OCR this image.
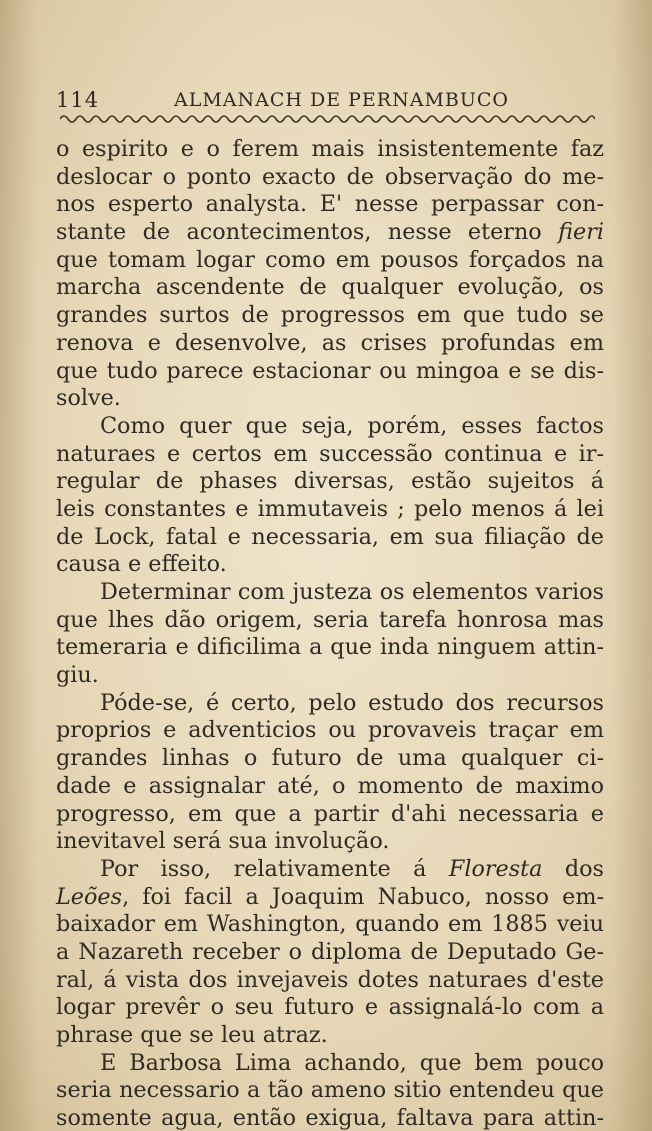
114	ALMANACH DE PERNAMBUCO
o espirito e o ferem mais insistentemente faz
deslocar o ponto exacto de observação do me-
nos esperto analysta. E' nesse perpassar con-
stante de acontecimentos, nesse eterno fieri
que tomam logar como em pousos forçados na
marcha ascendente de qualquer evolução, os
grandes surtos de progressos em que tudo se
renova e desenvolve, as crises profundas em
que tudo parece estacionar ou mingoa e se dis-
solve.
Como quer que seja, porém, esses factos
naturaes e certos em successão continua e ir-
regular de phases diversas, estão sujeitos á
leis constantes e immutaveis ; pelo menos á lei
de Lock, fatal e necessaria, em sua filiação de
causa e effeito.
Determinar com justeza os elementos varios
que lhes dão origem, seria tarefa honrosa mas
temeraria e dificilima a que inda ninguem attin-
giu.
Póde-se, é certo, pelo estudo dos recursos
proprios e adventicios ou provaveis traçar em
grandes linhas o futuro de uma qualquer ci-
dade e assignalar até, o momento de maximo
progresso, em que a partir d'ahi necessaria e
inevitavel será sua involução.
Por isso, relativamente á Floresta dos
Leões, foi facil a Joaquim Nabuco, nosso em-
baixador em Washington, quando em 1885 veiu
a Nazareth receber o diploma de Deputado Ge-
ral, á vista dos invejaveis dotes naturaes d'este
logar prevêr o seu futuro e assignalá-lo com a
phrase que se leu atraz.
E Barbosa Lima achando, que bem pouco
seria necessario a tão ameno sitio entendeu que
somente agua, então exigua, faltava para attin-
